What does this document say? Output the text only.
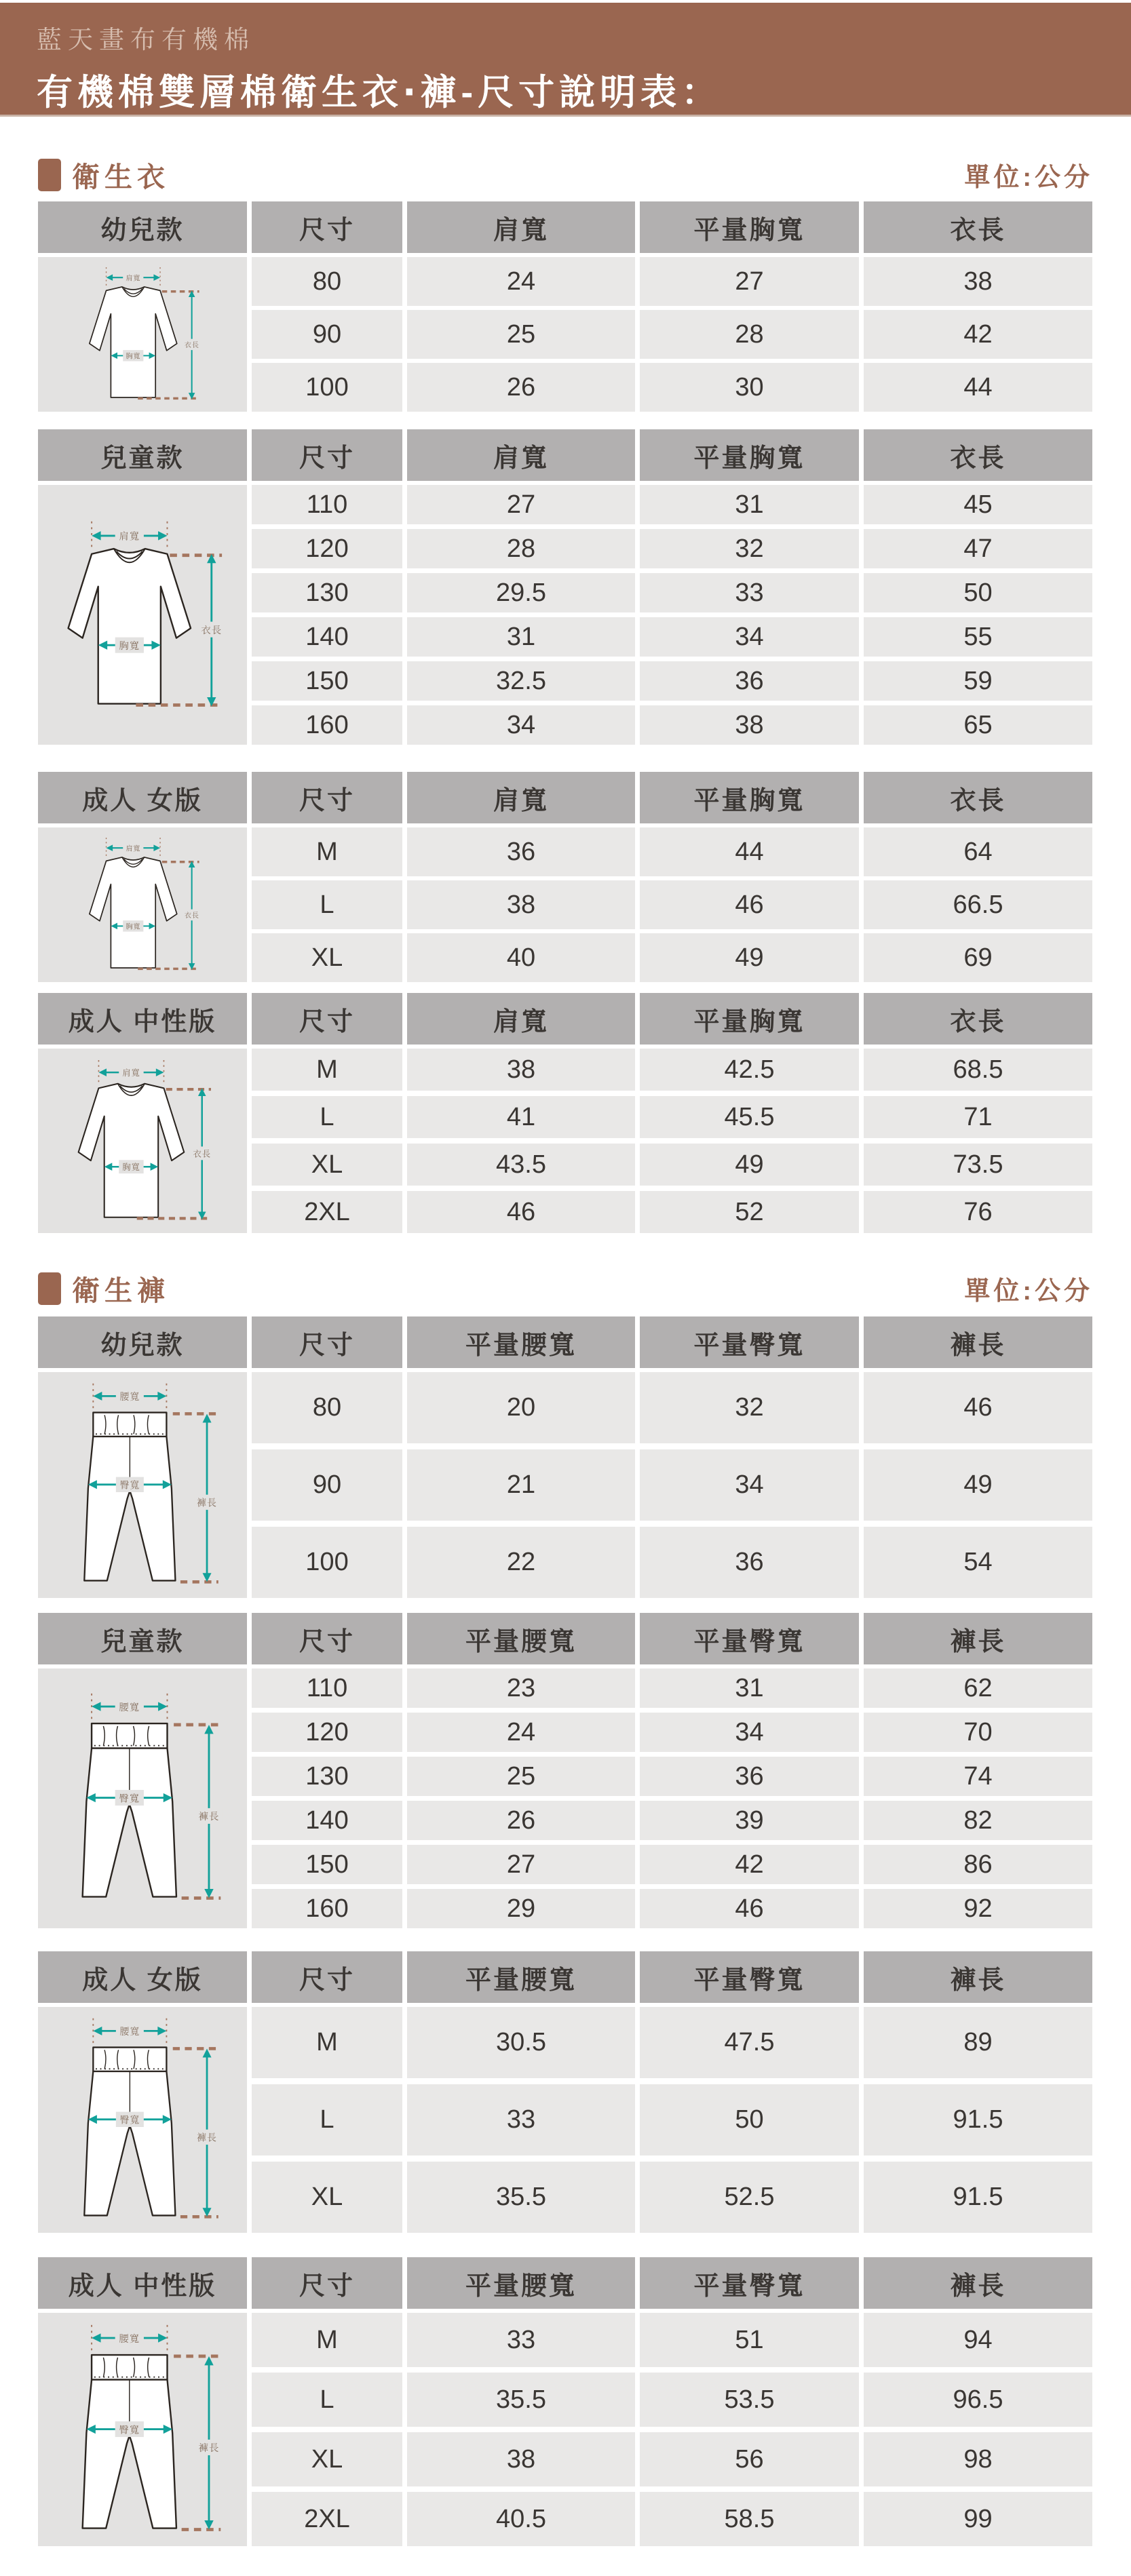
藍天畫布有機棉
有機棉雙層棉衛生衣‧褲-尺寸說明表：
衛生衣	單位:公分
幼兒款	尺寸	肩寬	平量胸寬	衣長
肩寬
胸寬
衣長
80	24	27	38
90	25	28	42
100	26	30	44
兒童款	尺寸	肩寬	平量胸寬	衣長
肩寬
胸寬
衣長
110	27	31	45
120	28	32	47
130	29.5	33	50
140	31	34	55
150	32.5	36	59
160	34	38	65
成人 女版	尺寸	肩寬	平量胸寬	衣長
肩寬
胸寬
衣長
M	36	44	64
L	38	46	66.5
XL	40	49	69
成人 中性版	尺寸	肩寬	平量胸寬	衣長
肩寬
胸寬
衣長
M	38	42.5	68.5
L	41	45.5	71
XL	43.5	49	73.5
2XL	46	52	76
衛生褲	單位:公分
幼兒款	尺寸	平量腰寬	平量臀寬	褲長
腰寬
臀寬
褲長
80	20	32	46
90	21	34	49
100	22	36	54
兒童款	尺寸	平量腰寬	平量臀寬	褲長
腰寬
臀寬
褲長
110	23	31	62
120	24	34	70
130	25	36	74
140	26	39	82
150	27	42	86
160	29	46	92
成人 女版	尺寸	平量腰寬	平量臀寬	褲長
腰寬
臀寬
褲長
M	30.5	47.5	89
L	33	50	91.5
XL	35.5	52.5	91.5
成人 中性版	尺寸	平量腰寬	平量臀寬	褲長
腰寬
臀寬
褲長
M	33	51	94
L	35.5	53.5	96.5
XL	38	56	98
2XL	40.5	58.5	99
